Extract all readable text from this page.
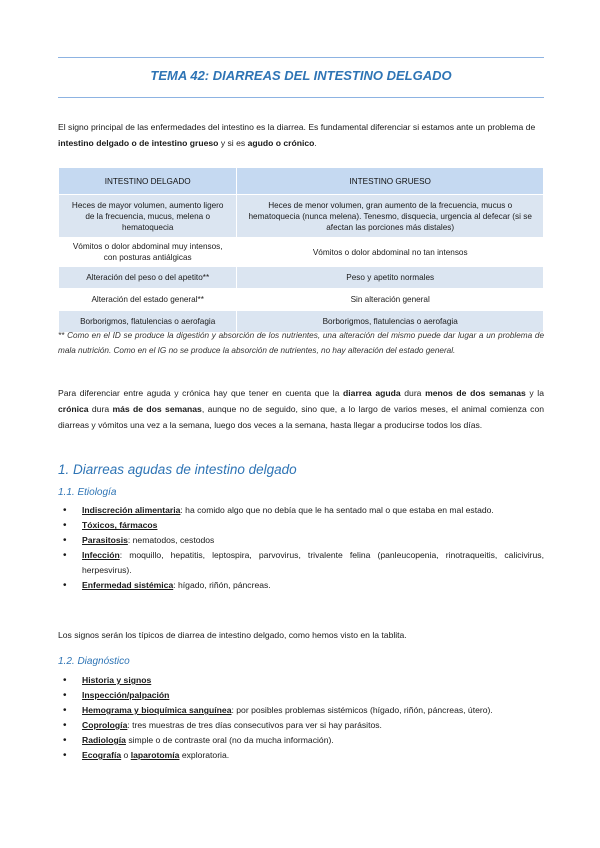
TEMA 42: DIARREAS DEL INTESTINO DELGADO
El signo principal de las enfermedades del intestino es la diarrea. Es fundamental diferenciar si estamos ante un problema de intestino delgado o de intestino grueso y si es agudo o crónico.
INTESTINO DELGADO	INTESTINO GRUESO
Heces de mayor volumen, aumento ligero de la frecuencia, mucus, melena o hematoquecia	Heces de menor volumen, gran aumento de la frecuencia, mucus o hematoquecia (nunca melena). Tenesmo, disquecia, urgencia al defecar (si se afectan las porciones más distales)
Vómitos o dolor abdominal muy intensos, con posturas antiálgicas	Vómitos o dolor abdominal no tan intensos
Alteración del peso o del apetito**	Peso y apetito normales
Alteración del estado general**	Sin alteración general
Borborigmos, flatulencias o aerofagia	Borborigmos, flatulencias o aerofagia
** Como en el ID se produce la digestión y absorción de los nutrientes, una alteración del mismo puede dar lugar a un problema de mala nutrición. Como en el IG no se produce la absorción de nutrientes, no hay alteración del estado general.
Para diferenciar entre aguda y crónica hay que tener en cuenta que la diarrea aguda dura menos de dos semanas y la crónica dura más de dos semanas, aunque no de seguido, sino que, a lo largo de varios meses, el animal comienza con diarreas y vómitos una vez a la semana, luego dos veces a la semana, hasta llegar a producirse todos los días.
1. Diarreas agudas de intestino delgado
1.1. Etiología
• Indiscreción alimentaria: ha comido algo que no debía que le ha sentado mal o que estaba en mal estado.
• Tóxicos, fármacos
• Parasitosis: nematodos, cestodos
• Infección: moquillo, hepatitis, leptospira, parvovirus, trivalente felina (panleucopenia, rinotraqueitis, calicivirus, herpesvirus).
• Enfermedad sistémica: hígado, riñón, páncreas.
Los signos serán los típicos de diarrea de intestino delgado, como hemos visto en la tablita.
1.2. Diagnóstico
• Historia y signos
• Inspección/palpación
• Hemograma y bioquímica sanguínea: por posibles problemas sistémicos (hígado, riñón, páncreas, útero).
• Coprología: tres muestras de tres días consecutivos para ver si hay parásitos.
• Radiología simple o de contraste oral (no da mucha información).
• Ecografía o laparotomía exploratoria.
